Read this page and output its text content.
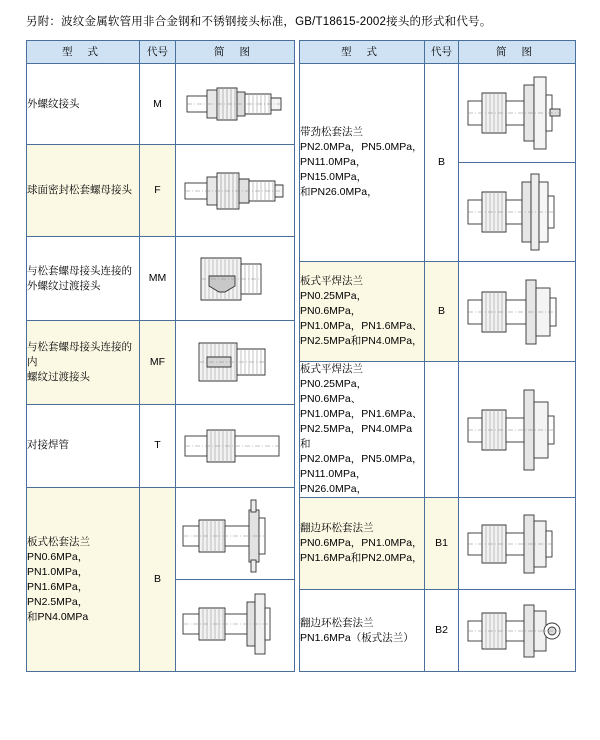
另附：波纹金属软管用非合金钢和不锈钢接头标准，GB/T18615-2002接头的形式和代号。
型 式	代号	简 图

外螺纹接头	M	

球面密封松套螺母接头	F	

与松套螺母接头连接的
外螺纹过渡接头	MM	

与松套螺母接头连接的内
螺纹过渡接头	MF	

对接焊管	T	

板式松套法兰
PN0.6MPa，PN1.0MPa，
PN1.6MPa，PN2.5MPa，
和PN4.0MPa	B	
型 式	代号	简 图

带劲松套法兰
PN2.0MPa，PN5.0MPa，
PN11.0MPa，PN15.0MPa，
和PN26.0MPa，	B	

板式平焊法兰
PN0.25MPa，PN0.6MPa，
PN1.0MPa，PN1.6MPa、
PN2.5MPa和PN4.0MPa，	B	

板式平焊法兰
PN0.25MPa，PN0.6MPa、
PN1.0MPa，PN1.6MPa、
PN2.5MPa，PN4.0MPa 和
PN2.0MPa，PN5.0MPa，
PN11.0MPa，PN26.0MPa，

翻边环松套法兰
PN0.6MPa，PN1.0MPa，
PN1.6MPa和PN2.0MPa，	B1	

翻边环松套法兰
PN1.6MPa（板式法兰）	B2	
